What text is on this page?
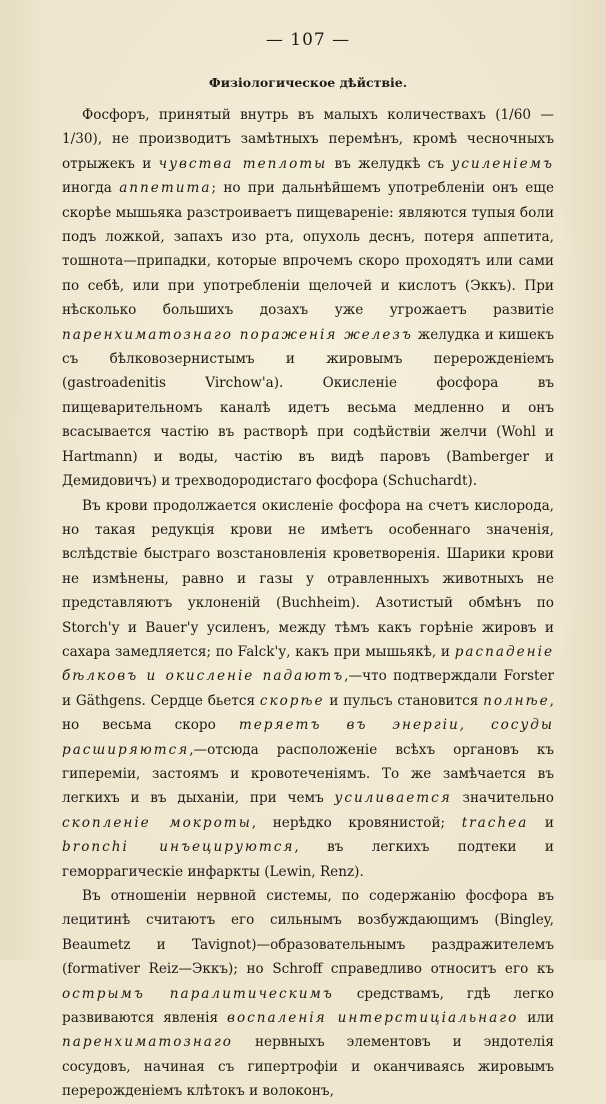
— 107 —
Физiологическое дѣйствie.

Фосфоръ, принятый внутрь въ малыхъ количествахъ (1/60 — 1/30), не производитъ замѣтныхъ перемѣнъ, кромѣ чесночныхъ отрыжекъ и чувства теплоты въ желудкѣ съ усиленiемъ иногда аппетита; но при дальнѣйшемъ употребленiи онъ еще скорѣе мышьяка разстроиваетъ пищеваренiе: являются тупыя боли подъ ложкой, запахъ изо рта, опухоль деснъ, потеря аппетита, тошнота—припадки, которые впрочемъ скоро проходятъ или сами по себѣ, или при употребленiи щелочей и кислотъ (Эккъ). При нѣсколько большихъ дозахъ уже угрожаетъ развитiе паренхиматознаго пораженiя железъ желудка и кишекъ съ бѣлковозернистымъ и жировымъ перерожденiемъ (gastroadenitis Virchow'a). Окисленiе фосфора въ пищеварительномъ каналѣ идетъ весьма медленно и онъ всасывается частiю въ растворѣ при содѣйствiи желчи (Wohl и Hartmann) и воды, частiю въ видѣ паровъ (Bamberger и Демидовичъ) и трехводородистаго фосфора (Schuchardt).

Въ крови продолжается окисленiе фосфора на счетъ кислорода, но такая редукцiя крови не имѣетъ особеннаго значенiя, вслѣдствiе быстраго возстановленiя кроветворенiя. Шарики крови не измѣнены, равно и газы у отравленныхъ животныхъ не представляютъ уклоненiй (Buchheim). Азотистый обмѣнъ по Storch'у и Bauer'у усиленъ, между тѣмъ какъ горѣнiе жировъ и сахара замедляется; по Falck'у, какъ при мышьякѣ, и распаденiе бѣлковъ и окисленiе падаютъ,—что подтверждали Forster и Gäthgens. Сердце бьется скорѣе и пульсъ становится полнѣе, но весьма скоро теряетъ въ энергiи, сосуды расширяются,—отсюда расположенiе всѣхъ органовъ къ гиперемiи, застоямъ и кровотеченiямъ. То же замѣчается въ легкихъ и въ дыханiи, при чемъ усиливается значительно скопленiе мокроты, нерѣдко кровянистой; trachea и bronchi инъецируются, въ легкихъ подтеки и геморрагическiе инфаркты (Lewin, Renz).

Въ отношенiи нервной системы, по содержанiю фосфора въ лецитинѣ считаютъ его сильнымъ возбуждающимъ (Bingley, Beaumetz и Tavignot)—образовательнымъ раздражителемъ (formativer Reiz—Эккъ); но Schroff справедливо относитъ его къ острымъ паралитическимъ средствамъ, гдѣ легко развиваются явленiя воспаленiя интерстицiальнаго или паренхиматознаго нервныхъ элементовъ и эндотелiя сосудовъ, начиная съ гипертрофiи и оканчиваясь жировымъ перерожденiемъ клѣтокъ и волоконъ,
